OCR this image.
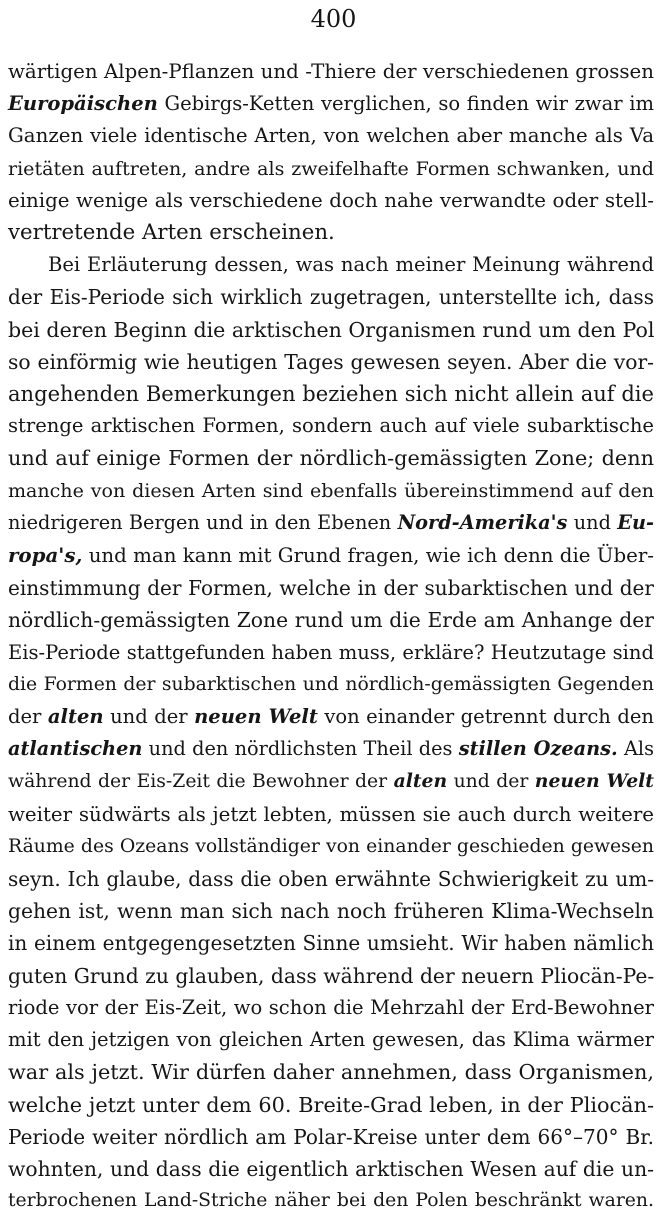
400
wärtigen Alpen-Pflanzen und -Thiere der verschiedenen grossen
Europäischen Gebirgs-Ketten verglichen, so finden wir zwar im
Ganzen viele identische Arten, von welchen aber manche als Va
rietäten auftreten, andre als zweifelhafte Formen schwanken, und
einige wenige als verschiedene doch nahe verwandte oder stell-
vertretende Arten erscheinen.
Bei Erläuterung dessen, was nach meiner Meinung während
der Eis-Periode sich wirklich zugetragen, unterstellte ich, dass
bei deren Beginn die arktischen Organismen rund um den Pol
so einförmig wie heutigen Tages gewesen seyen. Aber die vor-
angehenden Bemerkungen beziehen sich nicht allein auf die
strenge arktischen Formen, sondern auch auf viele subarktische
und auf einige Formen der nördlich-gemässigten Zone; denn
manche von diesen Arten sind ebenfalls übereinstimmend auf den
niedrigeren Bergen und in den Ebenen Nord-Amerika's und Eu-
ropa's, und man kann mit Grund fragen, wie ich denn die Über-
einstimmung der Formen, welche in der subarktischen und der
nördlich-gemässigten Zone rund um die Erde am Anhange der
Eis-Periode stattgefunden haben muss, erkläre? Heutzutage sind
die Formen der subarktischen und nördlich-gemässigten Gegenden
der alten und der neuen Welt von einander getrennt durch den
atlantischen und den nördlichsten Theil des stillen Ozeans. Als
während der Eis-Zeit die Bewohner der alten und der neuen Welt
weiter südwärts als jetzt lebten, müssen sie auch durch weitere
Räume des Ozeans vollständiger von einander geschieden gewesen
seyn. Ich glaube, dass die oben erwähnte Schwierigkeit zu um-
gehen ist, wenn man sich nach noch früheren Klima-Wechseln
in einem entgegengesetzten Sinne umsieht. Wir haben nämlich
guten Grund zu glauben, dass während der neuern Pliocän-Pe-
riode vor der Eis-Zeit, wo schon die Mehrzahl der Erd-Bewohner
mit den jetzigen von gleichen Arten gewesen, das Klima wärmer
war als jetzt. Wir dürfen daher annehmen, dass Organismen,
welche jetzt unter dem 60. Breite-Grad leben, in der Pliocän-
Periode weiter nördlich am Polar-Kreise unter dem 66°–70° Br.
wohnten, und dass die eigentlich arktischen Wesen auf die un-
terbrochenen Land-Striche näher bei den Polen beschränkt waren.
